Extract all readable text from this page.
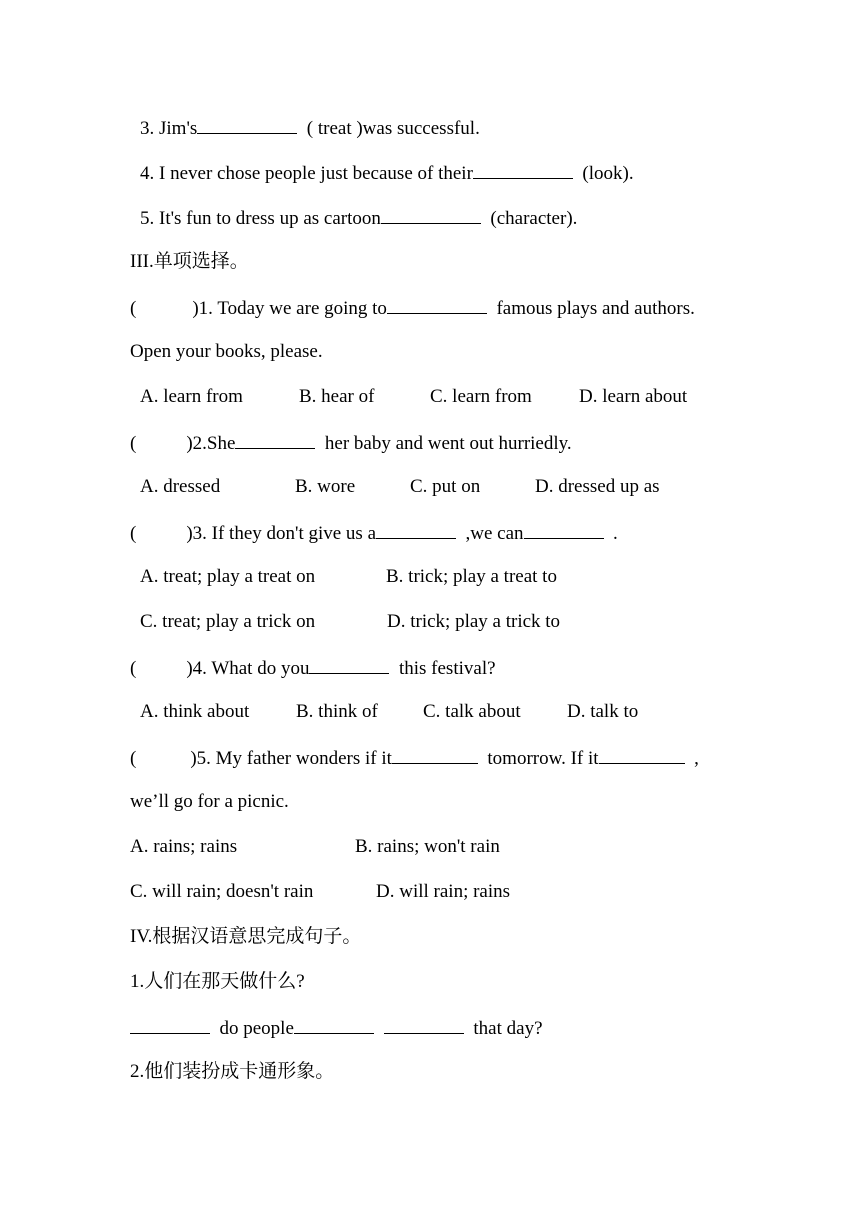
3. Jim's	( treat )was successful.
4. I never chose people just because of their	(look).
5. It's fun to dress up as cartoon	(character).
III.单项选择。
(	)1. Today we are going to	famous plays and authors.
Open your books, please.
A. learn from	B. hear of	C. learn from D. learn about
(	)2.She	her baby and went out hurriedly.
A. dressed	B. wore	C. put on	D. dressed up as
(	)3. If they don't give us a	,we can	.
A. treat; play a treat on	B. trick; play a treat to
C. treat; play a trick on	D. trick; play a trick to
(	)4. What do you	this festival?
A. think about B. think of C. talk about D. talk to
(	)5. My father wonders if it	tomorrow. If it	,
we’ll go for a picnic.
A. rains; rains	B. rains; won't rain
C. will rain; doesn't rain	D. will rain; rains
IV.根据汉语意思完成句子。
1.人们在那天做什么?
do people	that day?
2.他们装扮成卡通形象。
